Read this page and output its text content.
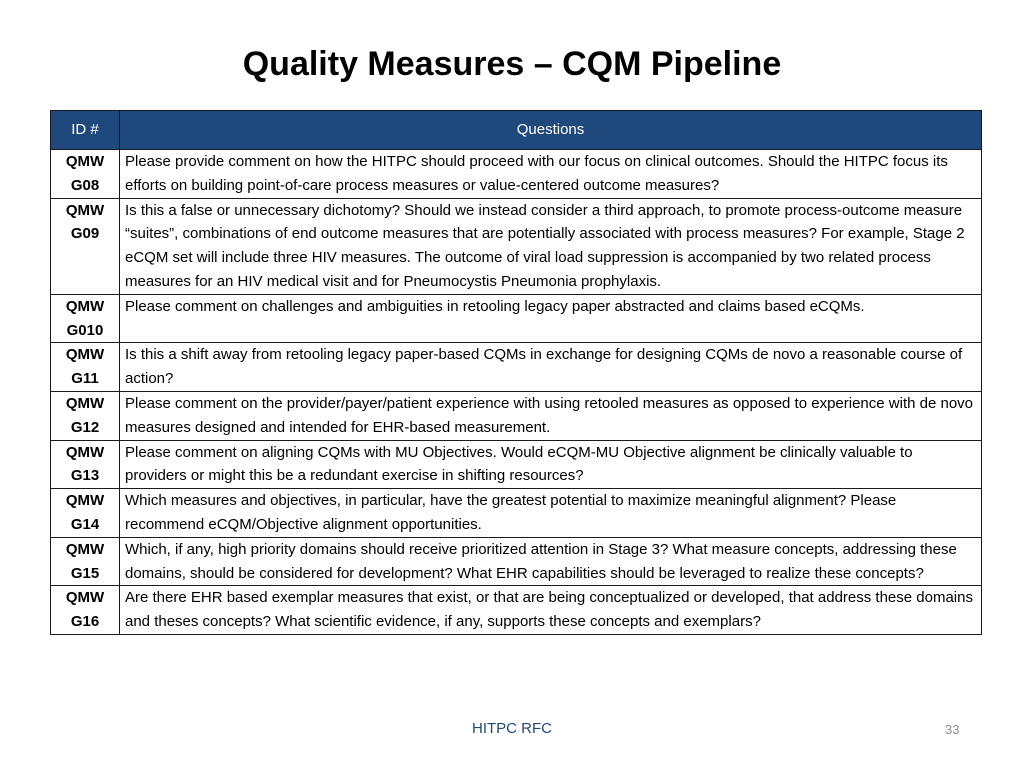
Quality Measures – CQM Pipeline
ID #	Questions

QMW
G08	Please provide comment on how the HITPC should proceed with our focus on clinical outcomes. Should the HITPC focus its efforts on building point-of-care process measures or value-centered outcome measures?

QMW
G09	Is this a false or unnecessary dichotomy? Should we instead consider a third approach, to promote process-outcome measure “suites”, combinations of end outcome measures that are potentially associated with process measures? For example, Stage 2 eCQM set will include three HIV measures. The outcome of viral load suppression is accompanied by two related process measures for an HIV medical visit and for Pneumocystis Pneumonia prophylaxis.

QMW
G010	Please comment on challenges and ambiguities in retooling legacy paper abstracted and claims based eCQMs.

QMW
G11	Is this a shift away from retooling legacy paper-based CQMs in exchange for designing CQMs de novo a reasonable course of action?

QMW
G12	Please comment on the provider/payer/patient experience with using retooled measures as opposed to experience with de novo measures designed and intended for EHR-based measurement.

QMW
G13	Please comment on aligning CQMs with MU Objectives. Would eCQM-MU Objective alignment be clinically valuable to providers or might this be a redundant exercise in shifting resources?

QMW
G14	Which measures and objectives, in particular, have the greatest potential to maximize meaningful alignment? Please recommend eCQM/Objective alignment opportunities.

QMW
G15	Which, if any, high priority domains should receive prioritized attention in Stage 3? What measure concepts, addressing these domains, should be considered for development? What EHR capabilities should be leveraged to realize these concepts?

QMW
G16	Are there EHR based exemplar measures that exist, or that are being conceptualized or developed, that address these domains and theses concepts? What scientific evidence, if any, supports these concepts and exemplars?
HITPC RFC	33
